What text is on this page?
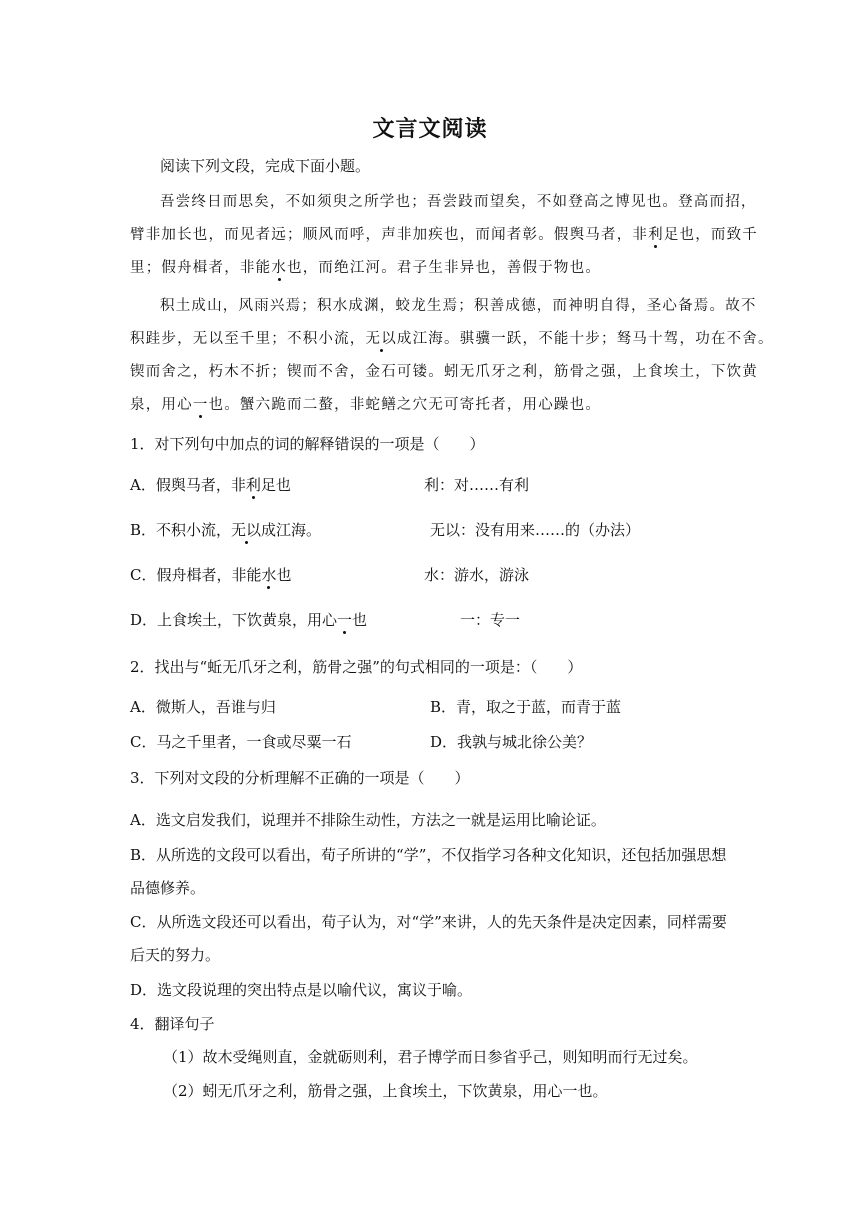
文言文阅读
阅读下列文段，完成下面小题。
吾尝终日而思矣，不如须臾之所学也；吾尝跂而望矣，不如登高之博见也。登高而招，
臂非加长也，而见者远；顺风而呼，声非加疾也，而闻者彰。假舆马者，非利足也，而致千
里；假舟楫者，非能水也，而绝江河。君子生非异也，善假于物也。
积土成山，风雨兴焉；积水成渊，蛟龙生焉；积善成德，而神明自得，圣心备焉。故不
积跬步，无以至千里；不积小流，无以成江海。骐骥一跃，不能十步；驽马十驾，功在不舍。
锲而舍之，朽木不折；锲而不舍，金石可镂。蚓无爪牙之利，筋骨之强，上食埃土，下饮黄
泉，用心一也。蟹六跪而二螯，非蛇鳝之穴无可寄托者，用心躁也。
1．对下列句中加点的词的解释错误的一项是（　　）
A．假舆马者，非利足也	利：对……有利
B．不积小流，无以成江海。	无以：没有用来……的（办法）
C．假舟楫者，非能水也	水：游水，游泳
D．上食埃土，下饮黄泉，用心一也	一：专一
2．找出与“蚯无爪牙之利，筋骨之强”的句式相同的一项是：（　　）
A．微斯人，吾谁与归	B．青，取之于蓝，而青于蓝
C．马之千里者，一食或尽粟一石	D．我孰与城北徐公美？
3．下列对文段的分析理解不正确的一项是（　　）
A．选文启发我们，说理并不排除生动性，方法之一就是运用比喻论证。
B．从所选的文段可以看出，荀子所讲的“学”，不仅指学习各种文化知识，还包括加强思想
品德修养。
C．从所选文段还可以看出，荀子认为，对“学”来讲，人的先天条件是决定因素，同样需要
后天的努力。
D．选文段说理的突出特点是以喻代议，寓议于喻。
4．翻译句子
（1）故木受绳则直，金就砺则利，君子博学而日参省乎己，则知明而行无过矣。
（2）蚓无爪牙之利，筋骨之强，上食埃土，下饮黄泉，用心一也。
